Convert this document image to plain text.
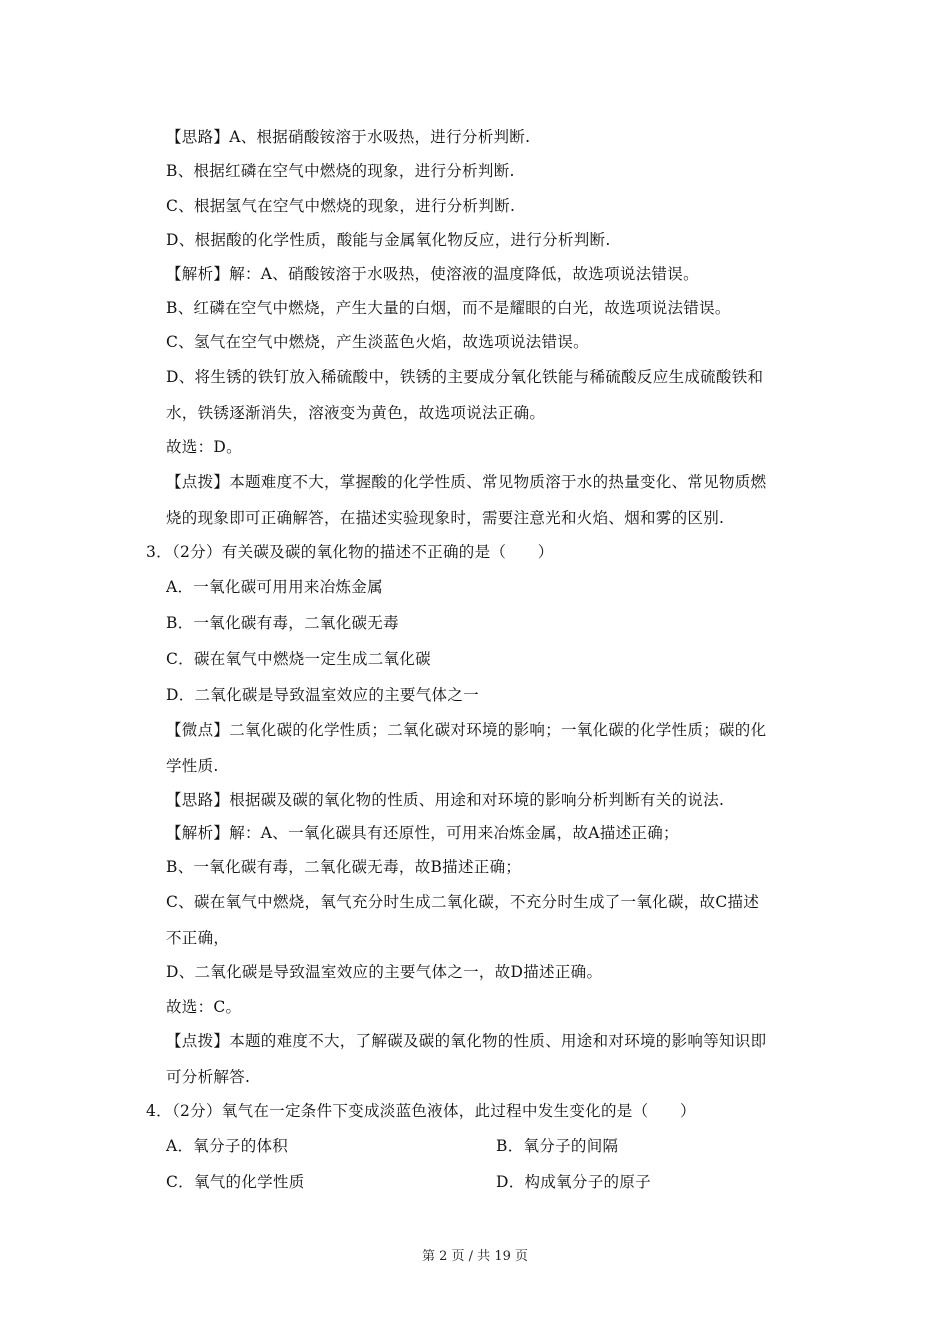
【思路】A、根据硝酸铵溶于水吸热，进行分析判断.
B、根据红磷在空气中燃烧的现象，进行分析判断.
C、根据氢气在空气中燃烧的现象，进行分析判断.
D、根据酸的化学性质，酸能与金属氧化物反应，进行分析判断.
【解析】解：A、硝酸铵溶于水吸热，使溶液的温度降低，故选项说法错误。
B、红磷在空气中燃烧，产生大量的白烟，而不是耀眼的白光，故选项说法错误。
C、氢气在空气中燃烧，产生淡蓝色火焰，故选项说法错误。
D、将生锈的铁钉放入稀硫酸中，铁锈的主要成分氧化铁能与稀硫酸反应生成硫酸铁和
水，铁锈逐渐消失，溶液变为黄色，故选项说法正确。
故选：D。
【点拨】本题难度不大，掌握酸的化学性质、常见物质溶于水的热量变化、常见物质燃
烧的现象即可正确解答，在描述实验现象时，需要注意光和火焰、烟和雾的区别.
3．（2分）有关碳及碳的氧化物的描述不正确的是（　　）
A．一氧化碳可用用来冶炼金属
B．一氧化碳有毒，二氧化碳无毒
C．碳在氧气中燃烧一定生成二氧化碳
D．二氧化碳是导致温室效应的主要气体之一
【微点】二氧化碳的化学性质；二氧化碳对环境的影响；一氧化碳的化学性质；碳的化
学性质.
【思路】根据碳及碳的氧化物的性质、用途和对环境的影响分析判断有关的说法.
【解析】解：A、一氧化碳具有还原性，可用来冶炼金属，故A描述正确；
B、一氧化碳有毒，二氧化碳无毒，故B描述正确；
C、碳在氧气中燃烧，氧气充分时生成二氧化碳，不充分时生成了一氧化碳，故C描述
不正确，
D、二氧化碳是导致温室效应的主要气体之一，故D描述正确。
故选：C。
【点拨】本题的难度不大，了解碳及碳的氧化物的性质、用途和对环境的影响等知识即
可分析解答.
4．（2分）氧气在一定条件下变成淡蓝色液体，此过程中发生变化的是（　　）
A．氧分子的体积	B．氧分子的间隔
C．氧气的化学性质	D．构成氧分子的原子
第 2 页 / 共 19 页
